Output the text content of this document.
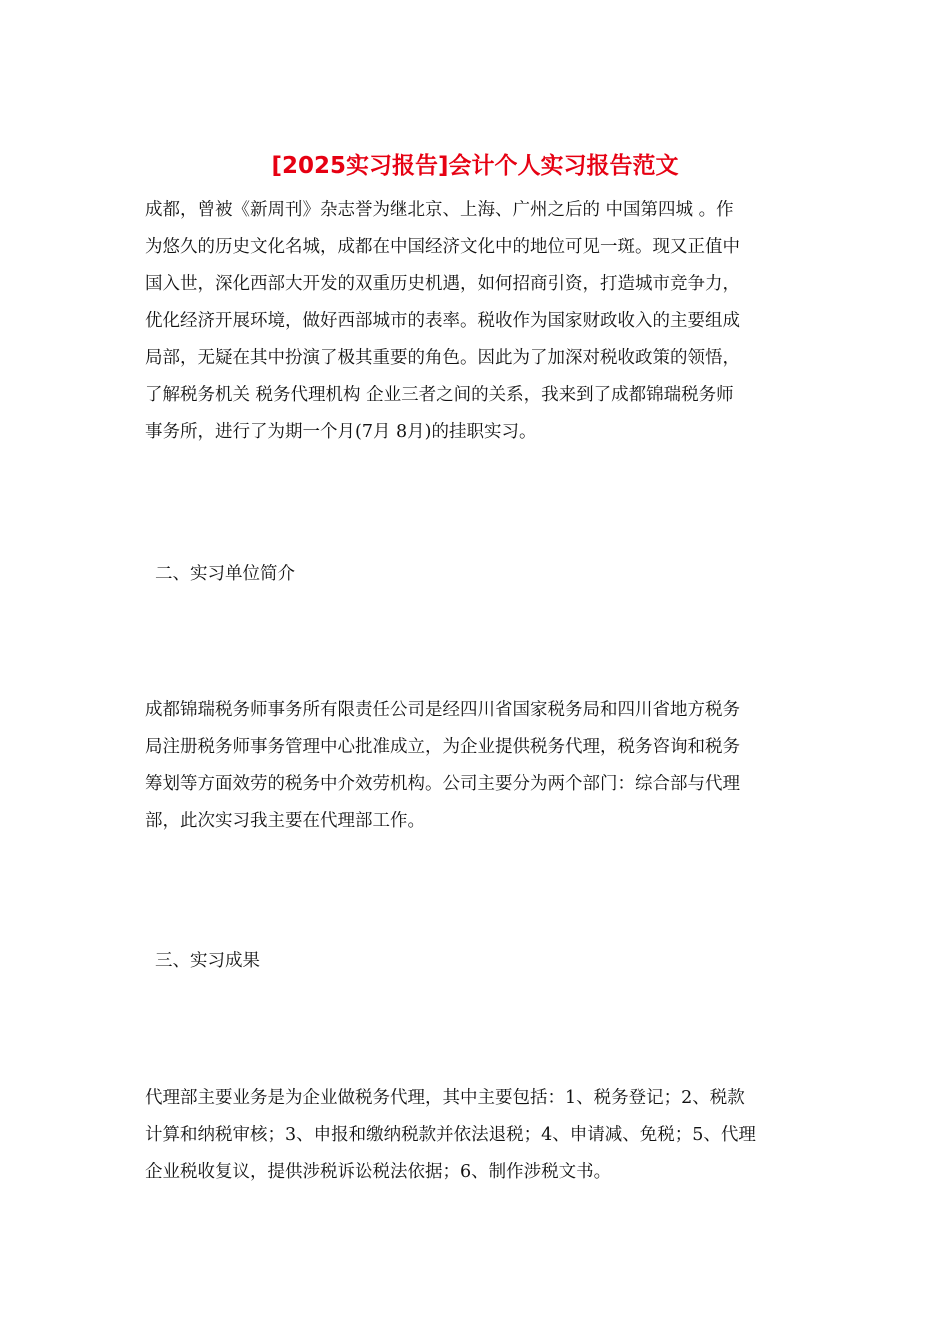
[2025实习报告]会计个人实习报告范文

成都，曾被《新周刊》杂志誉为继北京、上海、广州之后的 中国第四城 。作
为悠久的历史文化名城，成都在中国经济文化中的地位可见一斑。现又正值中
国入世，深化西部大开发的双重历史机遇，如何招商引资，打造城市竞争力，
优化经济开展环境，做好西部城市的表率。税收作为国家财政收入的主要组成
局部，无疑在其中扮演了极其重要的角色。因此为了加深对税收政策的领悟，
了解税务机关 税务代理机构 企业三者之间的关系，我来到了成都锦瑞税务师
事务所，进行了为期一个月(7月 8月)的挂职实习。

二、实习单位简介

成都锦瑞税务师事务所有限责任公司是经四川省国家税务局和四川省地方税务
局注册税务师事务管理中心批准成立，为企业提供税务代理，税务咨询和税务
筹划等方面效劳的税务中介效劳机构。公司主要分为两个部门：综合部与代理
部，此次实习我主要在代理部工作。

三、实习成果

代理部主要业务是为企业做税务代理，其中主要包括：1、税务登记；2、税款
计算和纳税审核；3、申报和缴纳税款并依法退税；4、申请减、免税；5、代理
企业税收复议，提供涉税诉讼税法依据；6、制作涉税文书。
